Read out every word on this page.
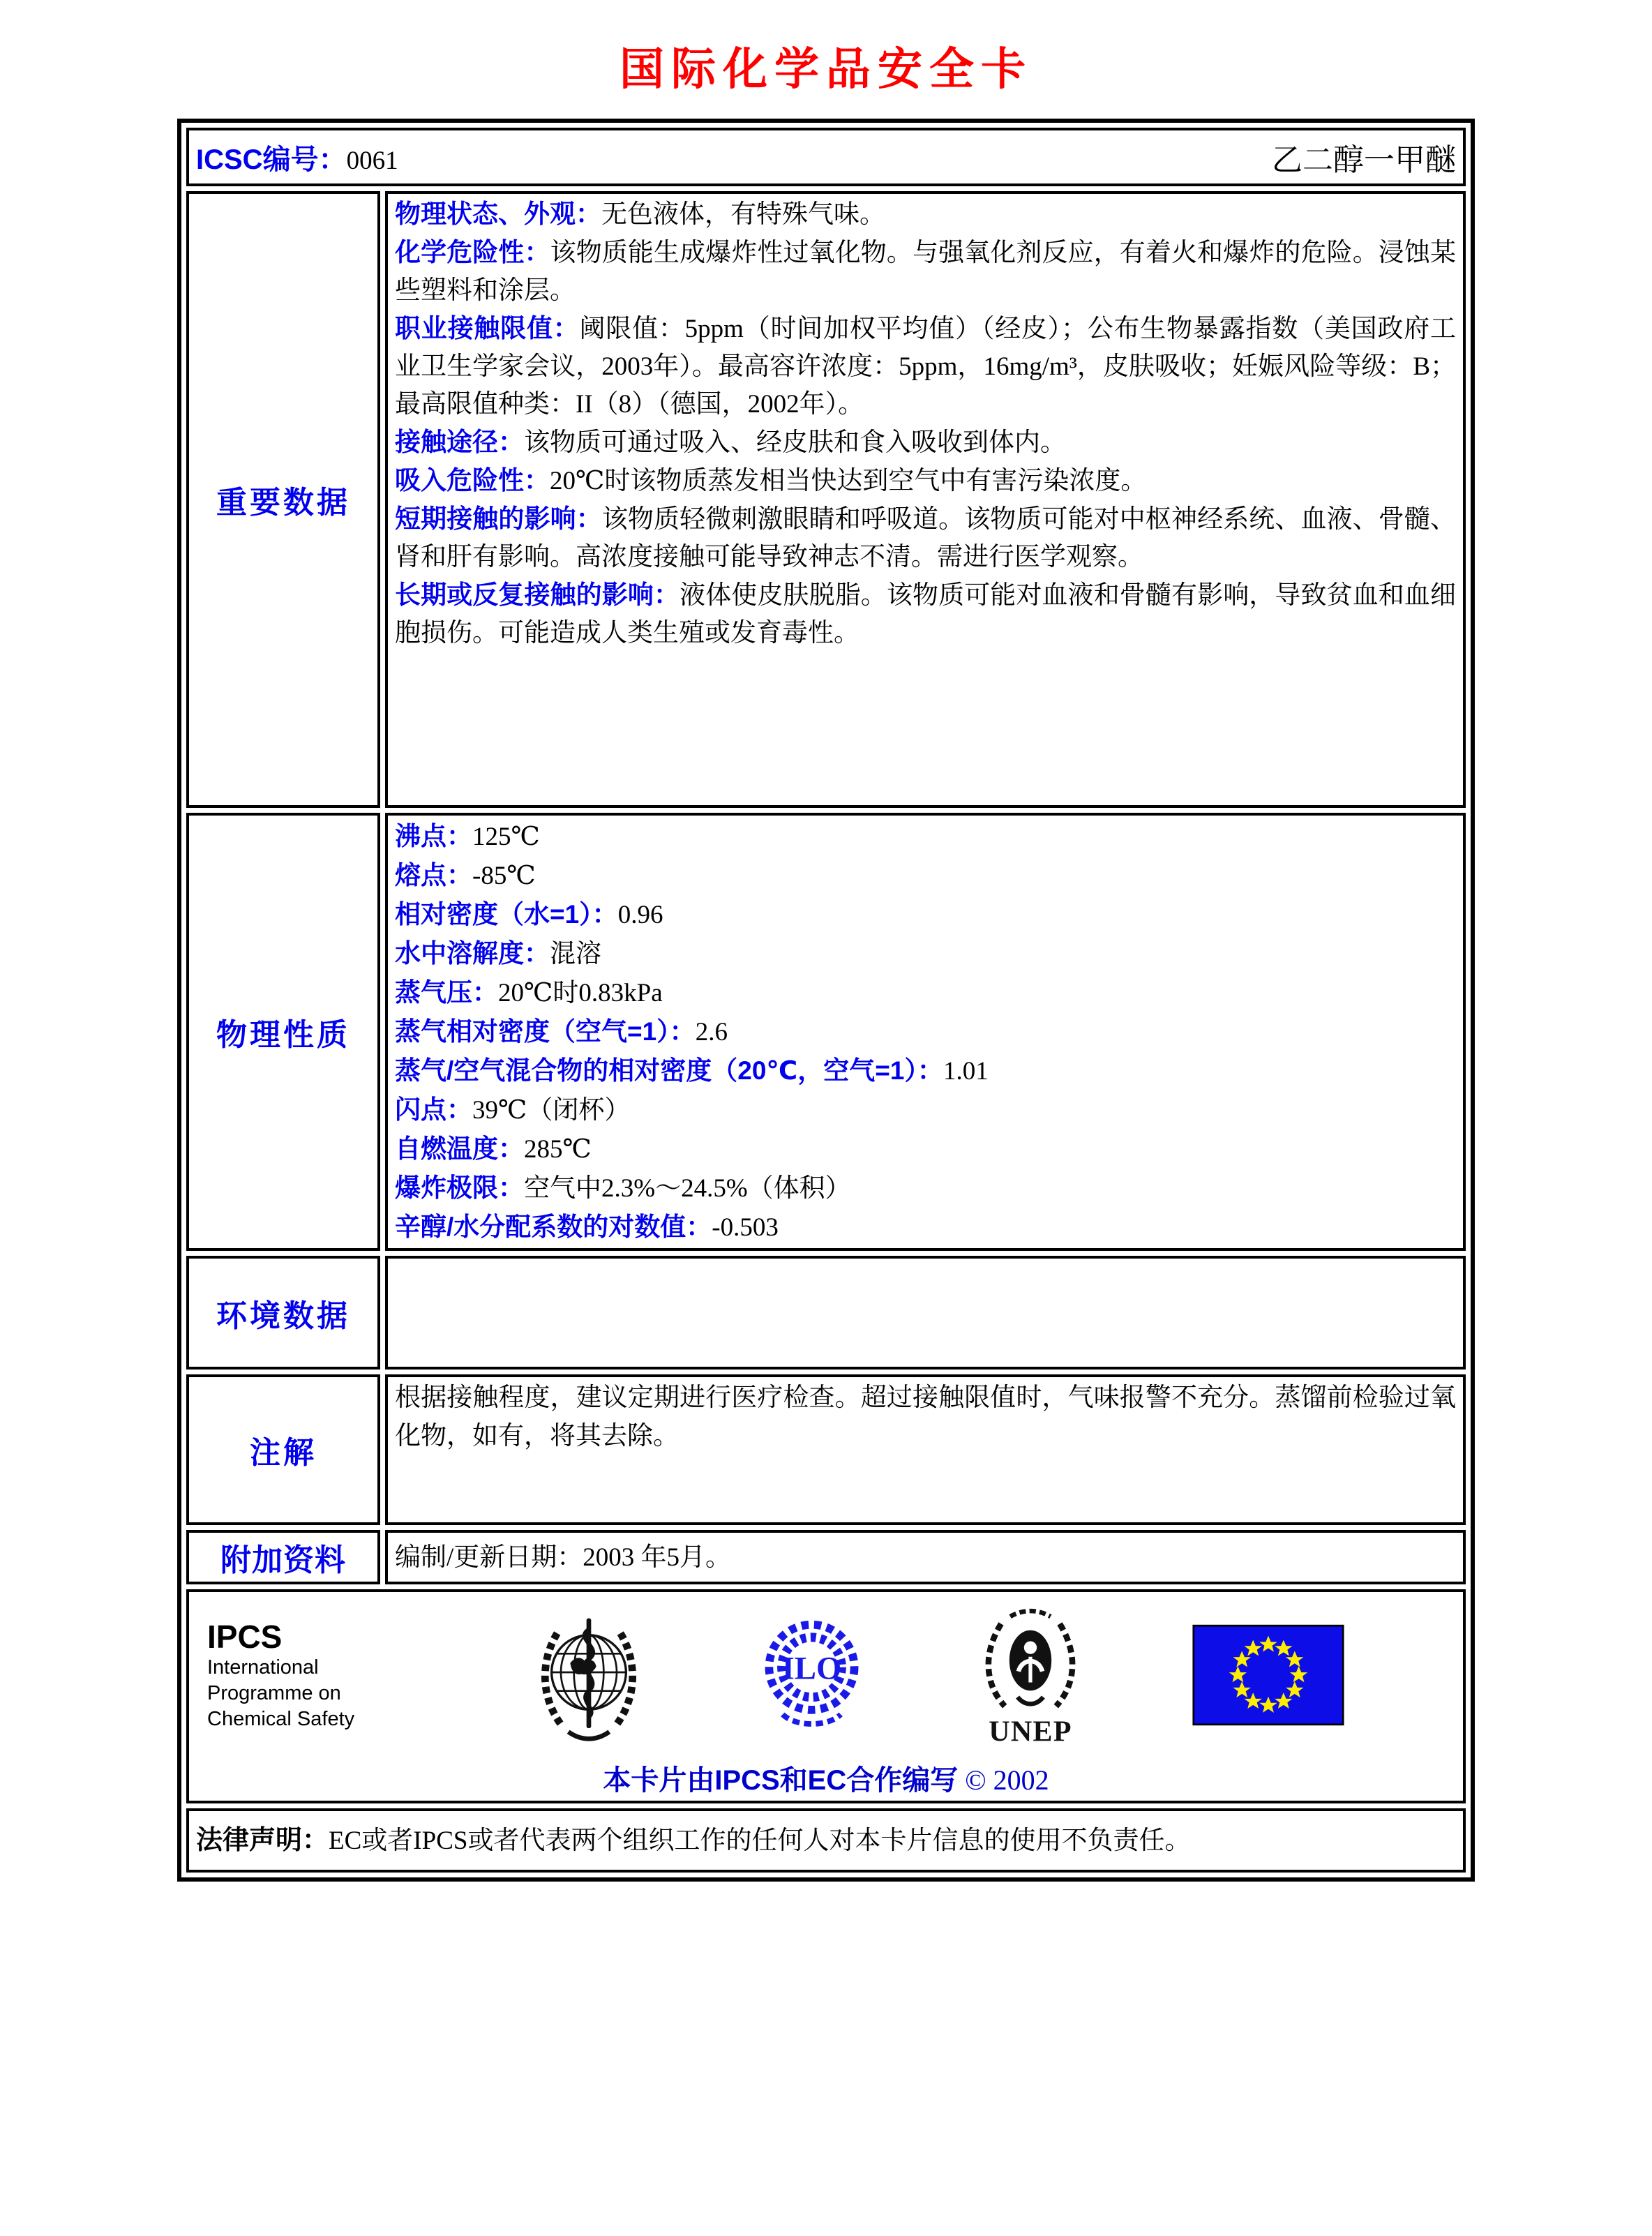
国际化学品安全卡
ICSC编号：0061 乙二醇一甲醚	

重要数据	
物理状态、外观：无色液体，有特殊气味。
化学危险性：该物质能生成爆炸性过氧化物。与强氧化剂反应，有着火和爆炸的危险。浸蚀某些塑料和涂层。
职业接触限值：阈限值：5ppm（时间加权平均值）（经皮）；公布生物暴露指数（美国政府工业卫生学家会议，2003年）。最高容许浓度：5ppm，16mg/m³，皮肤吸收；妊娠风险等级：B；最高限值种类：II（8）（德国，2002年）。
接触途径：该物质可通过吸入、经皮肤和食入吸收到体内。
吸入危险性：20℃时该物质蒸发相当快达到空气中有害污染浓度。
短期接触的影响：该物质轻微刺激眼睛和呼吸道。该物质可能对中枢神经系统、血液、骨髓、肾和肝有影响。高浓度接触可能导致神志不清。需进行医学观察。
长期或反复接触的影响：液体使皮肤脱脂。该物质可能对血液和骨髓有影响，导致贫血和血细胞损伤。可能造成人类生殖或发育毒性。

物理性质	
沸点：125℃
熔点：-85℃
相对密度（水=1）：0.96
水中溶解度：混溶
蒸气压：20℃时0.83kPa
蒸气相对密度（空气=1）：2.6
蒸气/空气混合物的相对密度（20℃，空气=1）：1.01
闪点：39℃（闭杯）
自燃温度：285℃
爆炸极限：空气中2.3%～24.5%（体积）
辛醇/水分配系数的对数值：-0.503

环境数据	
注解	根据接触程度，建议定期进行医疗检查。超过接触限值时，气味报警不充分。蒸馏前检验过氧化物，如有，将其去除。

附加资料	编制/更新日期：2003 年5月。

IPCS
International
Programme on
Chemical Safety
ILO
UNEP
本卡片由IPCS和EC合作编写 © 2002

法律声明：EC或者IPCS或者代表两个组织工作的任何人对本卡片信息的使用不负责任。	
